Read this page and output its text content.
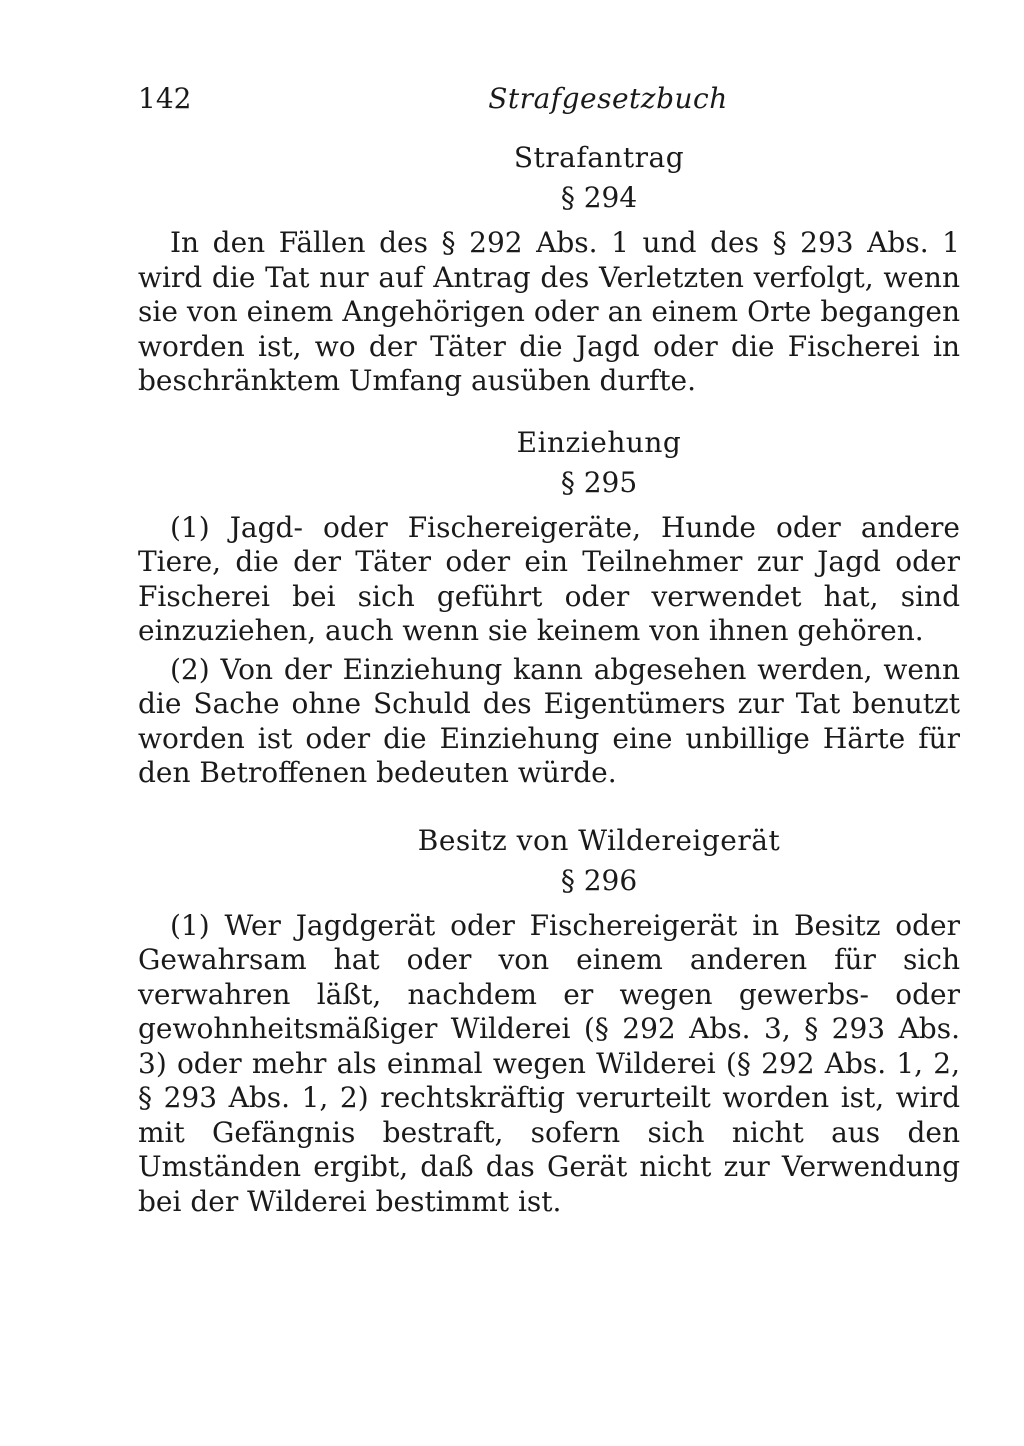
142	Strafgesetzbuch

Strafantrag

§ 294

In den Fällen des § 292 Abs. 1 und des § 293 Abs. 1 wird die Tat nur auf Antrag des Verletzten verfolgt, wenn sie von einem Angehörigen oder an einem Orte begangen worden ist, wo der Täter die Jagd oder die Fischerei in beschränktem Umfang ausüben durfte.

Einziehung

§ 295

(1) Jagd- oder Fischereigeräte, Hunde oder andere Tiere, die der Täter oder ein Teilnehmer zur Jagd oder Fischerei bei sich geführt oder verwendet hat, sind einzuziehen, auch wenn sie keinem von ihnen gehören.

(2) Von der Einziehung kann abgesehen werden, wenn die Sache ohne Schuld des Eigentümers zur Tat benutzt worden ist oder die Einziehung eine unbillige Härte für den Betroffenen bedeuten würde.

Besitz von Wildereigerät

§ 296

(1) Wer Jagdgerät oder Fischereigerät in Besitz oder Gewahrsam hat oder von einem anderen für sich verwahren läßt, nachdem er wegen gewerbs- oder gewohnheitsmäßiger Wilderei (§ 292 Abs. 3, § 293 Abs. 3) oder mehr als einmal wegen Wilderei (§ 292 Abs. 1, 2, § 293 Abs. 1, 2) rechtskräftig verurteilt worden ist, wird mit Gefängnis bestraft, sofern sich nicht aus den Umständen ergibt, daß das Gerät nicht zur Verwendung bei der Wilderei bestimmt ist.
